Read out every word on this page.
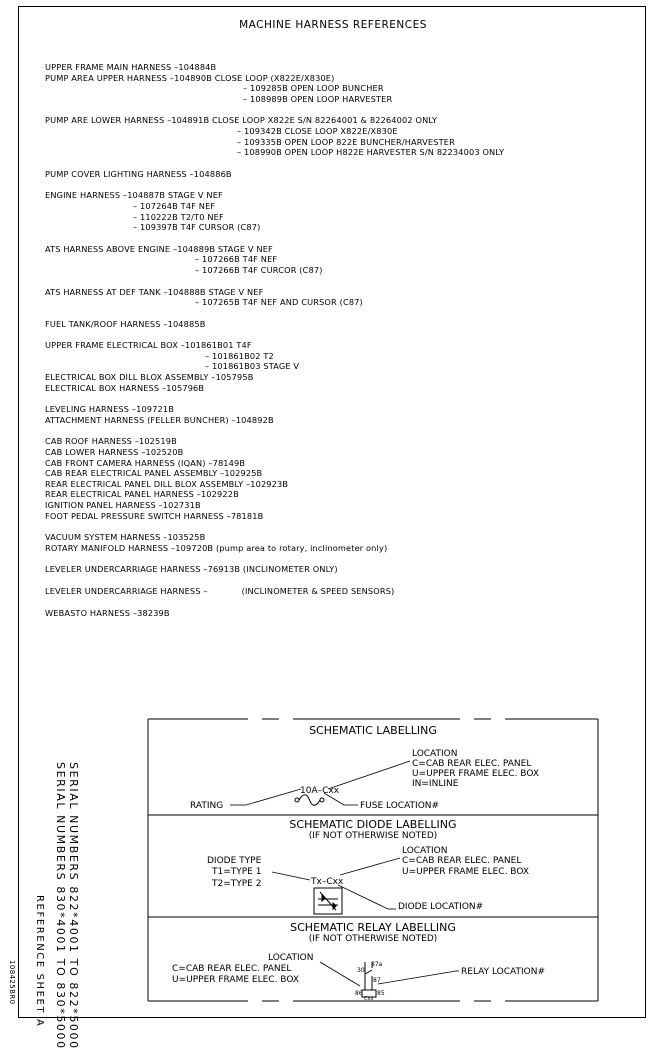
MACHINE HARNESS REFERENCES
UPPER FRAME MAIN HARNESS – 104884B
PUMP AREA UPPER HARNESS – 104890B CLOSE LOOP (X822E/X830E)
– 109285B OPEN LOOP BUNCHER
– 108989B OPEN LOOP HARVESTER
PUMP ARE LOWER HARNESS – 104891B CLOSE LOOP X822E S/N 82264001 & 82264002 ONLY
– 109342B CLOSE LOOP X822E/X830E
– 109335B OPEN LOOP 822E BUNCHER/HARVESTER
– 108990B OPEN LOOP H822E HARVESTER S/N 82234003 ONLY
PUMP COVER LIGHTING HARNESS – 104886B
ENGINE HARNESS – 104887B STAGE V NEF
– 107264B T4F NEF
– 110222B T2/T0 NEF
– 109397B T4F CURSOR (C87)
ATS HARNESS ABOVE ENGINE – 104889B STAGE V NEF
– 107266B T4F NEF
– 107266B T4F CURCOR (C87)
ATS HARNESS AT DEF TANK – 104888B STAGE V NEF
– 107265B T4F NEF AND CURSOR (C87)
FUEL TANK/ROOF HARNESS – 104885B
UPPER FRAME ELECTRICAL BOX – 101861B01 T4F
– 101861B02 T2
– 101861B03 STAGE V
ELECTRICAL BOX DILL BLOX ASSEMBLY – 105795B
ELECTRICAL BOX HARNESS – 105796B
LEVELING HARNESS – 109721B
ATTACHMENT HARNESS (FELLER BUNCHER) – 104892B
CAB ROOF HARNESS – 102519B
CAB LOWER HARNESS – 102520B
CAB FRONT CAMERA HARNESS (IQAN) – 78149B
CAB REAR ELECTRICAL PANEL ASSEMBLY – 102925B
REAR ELECTRICAL PANEL DILL BLOX ASSEMBLY – 102923B
REAR ELECTRICAL PANEL HARNESS – 102922B
IGNITION PANEL HARNESS – 102731B
FOOT PEDAL PRESSURE SWITCH HARNESS – 78181B
VACUUM SYSTEM HARNESS – 103525B
ROTARY MANIFOLD HARNESS – 109720B (pump area to rotary, inclinometer only)
LEVELER UNDERCARRIAGE HARNESS – 76913B (INCLINOMETER ONLY)
LEVELER UNDERCARRIAGE HARNESS –	(INCLINOMETER & SPEED SENSORS)
WEBASTO HARNESS – 38239B
SERIAL NUMBERS 822*4001 TO 822*5000
SERIAL NUMBERS 830*4001 TO 830*5000
REFERENCE SHEET A
108425BR0
SCHEMATIC LABELLING
LOCATION
C=CAB REAR ELEC. PANEL
U=UPPER FRAME ELEC. BOX
IN=INLINE
10A–Cxx
RATING	FUSE LOCATION#
SCHEMATIC DIODE LABELLING
(IF NOT OTHERWISE NOTED)
LOCATION
C=CAB REAR ELEC. PANEL
U=UPPER FRAME ELEC. BOX
DIODE TYPE
T1=TYPE 1
T2=TYPE 2	Tx–Cxx
DIODE LOCATION#
SCHEMATIC RELAY LABELLING
(IF NOT OTHERWISE NOTED)
LOCATION
C=CAB REAR ELEC. PANEL
U=UPPER FRAME ELEC. BOX
RELAY LOCATION#
30
87a
87
86 85
Cxx
